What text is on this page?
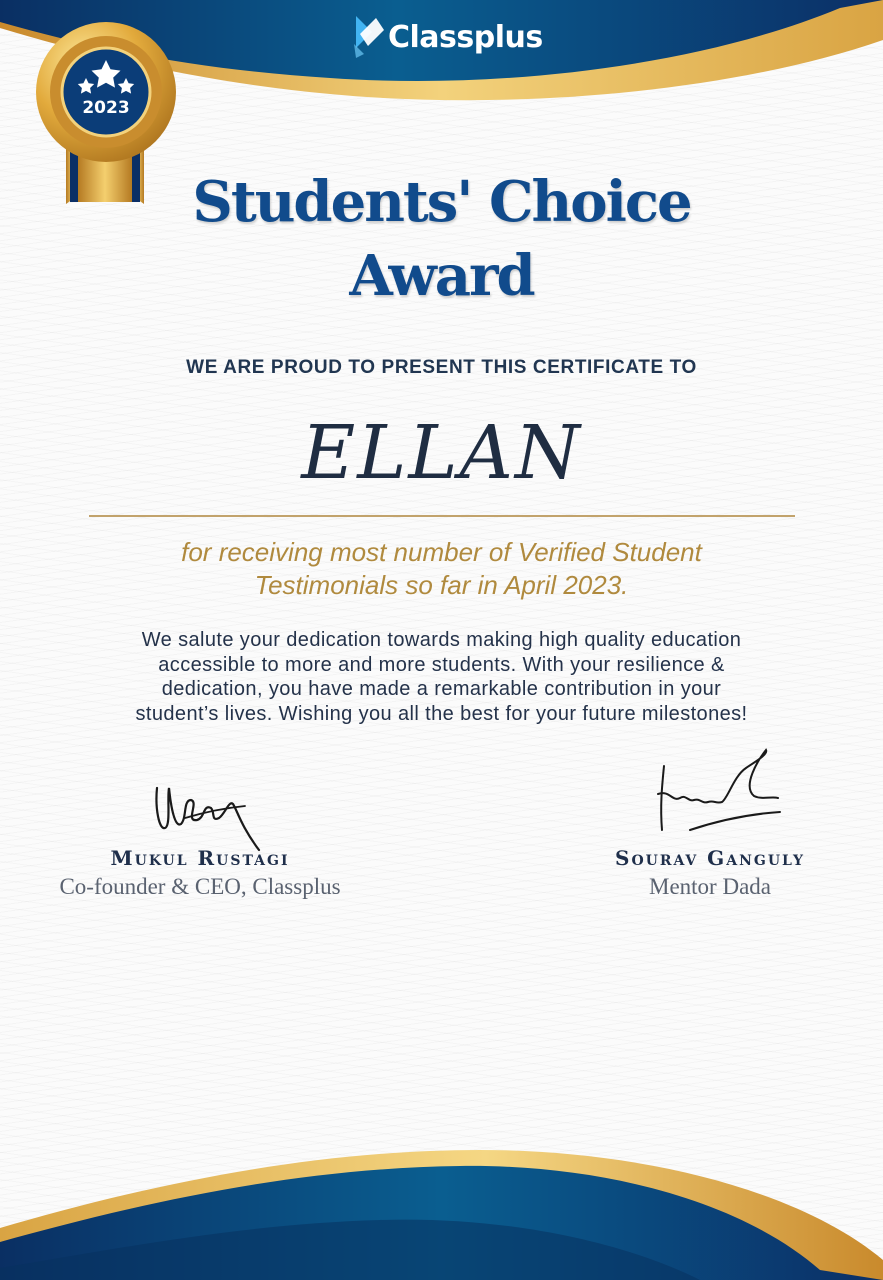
Classplus
2023
Students' Choice
Award
WE ARE PROUD TO PRESENT THIS CERTIFICATE TO
ELLAN
for receiving most number of Verified Student
Testimonials so far in April 2023.
We salute your dedication towards making high quality education
accessible to more and more students. With your resilience &
dedication, you have made a remarkable contribution in your
student’s lives. Wishing you all the best for your future milestones!
Mukul Rustagi
Co-founder & CEO, Classplus
Sourav Ganguly
Mentor Dada
